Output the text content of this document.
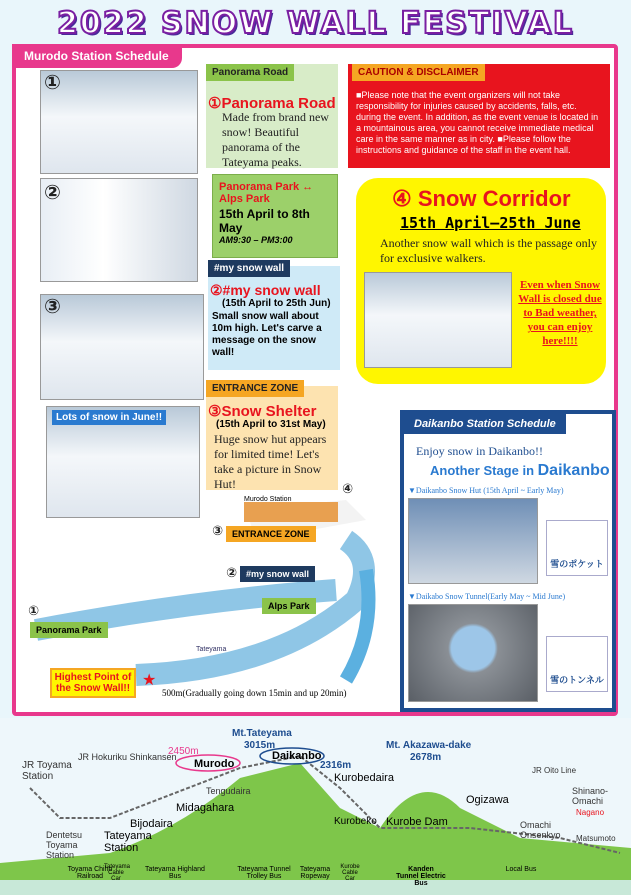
2022 SNOW WALL FESTIVAL
Murodo Station Schedule
①
②
③
Lots of snow in June!!
Panorama Road
①Panorama Road
Made from brand new snow! Beautiful panorama of the Tateyama peaks.
Panorama Park ↔ Alps Park
15th April to 8th May
AM9:30 – PM3:00
#my snow wall
②#my snow wall
(15th April to 25th Jun)
Small snow wall about 10m high. Let's carve a message on the snow wall!
ENTRANCE ZONE
③Snow Shelter
(15th April to 31st May)
Huge snow hut appears for limited time! Let's take a picture in Snow Hut!
■Please note that the event organizers will not take responsibility for injuries caused by accidents, falls, etc. during the event. In addition, as the event venue is located in a mountainous area, you cannot receive immediate medical care in the same manner as in city. ■Please follow the instructions and guidance of the staff in the event hall.
CAUTION & DISCLAIMER
④ Snow Corridor
15th April–25th June
Another snow wall which is the passage only for exclusive walkers.
Even when Snow Wall is closed due to Bad weather, you can enjoy here!!!!
Murodo Station
④
③ ENTRANCE ZONE
② #my snow wall
Alps Park
①
Panorama Park
Tateyama
Highest Point of the Snow Wall!! ★
500m(Gradually going down 15min and up 20min)
Daikanbo Station Schedule
Enjoy snow in Daikanbo!!
Another Stage in Daikanbo
▼Daikanbo Snow Hut (15th April ~ Early May)
雪のポケット
▼Daikabo Snow Tunnel(Early May ~ Mid June)
雪のトンネル
Mt.Tateyama
3015m	Mt. Akazawa-dake
2678m
2450m
Murodo
Daikanbo
2316m
JR Toyama Station
JR Hokuriku Shinkansen
Tengudaira
Midagahara
Bijodaira
Kurobedaira
Kurobeko Kurobe Dam
Ogizawa
JR Oito Line
Shinano-Omachi
Nagano
Omachi Onsenkyo	Matsumoto
Dentetsu Toyama Station
Tateyama Station
Toyama Chiho Railroad
Tateyama Cable Car
Tateyama Highland Bus
Tateyama Tunnel Trolley Bus
Tateyama Ropeway
Kurobe Cable Car
Kanden Tunnel Electric Bus
Local Bus
